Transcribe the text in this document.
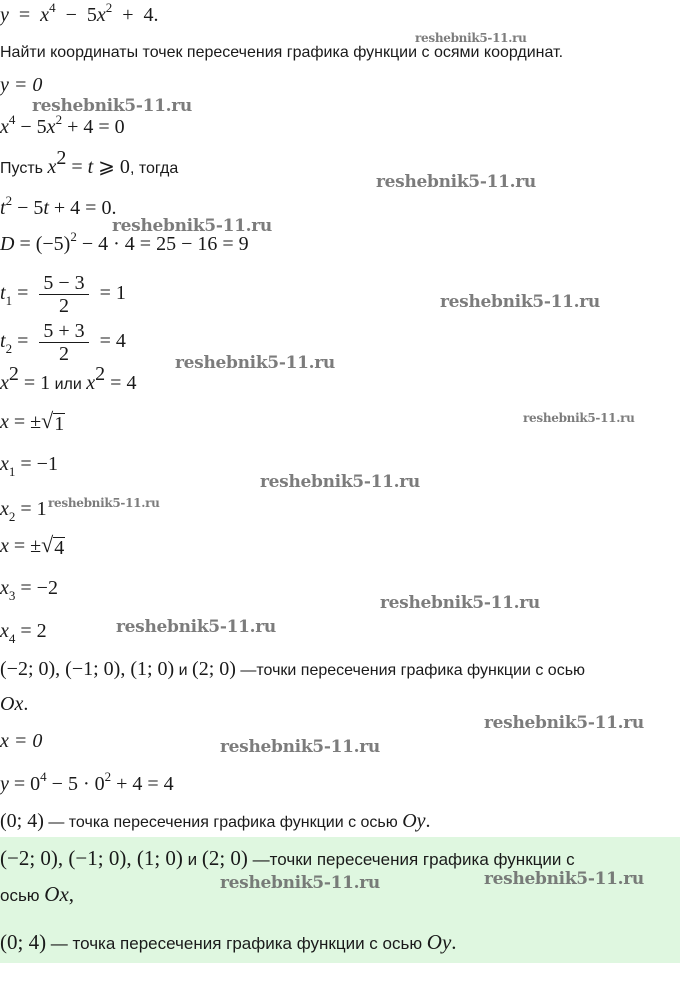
$y = x^4 - 5x^2 + 4$.
Найти координаты точек пересечения графика функции с осями координат.
y = 0
$x^4 - 5x^2 + 4 = 0$
Пусть $x^2 = t$ ⩾ 0, тогда
$t^2 - 5t + 4 = 0$.
$D = (-5)^2 - 4 \cdot 4 = 25 - 16 = 9$
$t_1 = \frac{5 - 3}{2} = 1$
$t_2 = \frac{5 + 3}{2} = 4$
$x^2 = 1$ или $x^2 = 4$
x = ± √ 1
$x_1 = -1$
$x_2 = 1$
x = ± √ 4
$x_3 = -2$
$x_4 = 2$
(−2; 0), (−1; 0), (1; 0) и (2; 0) —точки пересечения графика функции с осью
Ox.
x = 0
$y = 0^4 - 5 \cdot 0^2 + 4 = 4$
(0; 4) — точка пересечения графика функции с осью Oy.
(−2; 0), (−1; 0), (1; 0) и (2; 0) —точки пересечения графика функции с
осью Ox,
(0; 4) — точка пересечения графика функции с осью Oy.
reshebnik5-11.ru
reshebnik5-11.ru
reshebnik5-11.ru
reshebnik5-11.ru
reshebnik5-11.ru
reshebnik5-11.ru
reshebnik5-11.ru
reshebnik5-11.ru
reshebnik5-11.ru
reshebnik5-11.ru
reshebnik5-11.ru
reshebnik5-11.ru
reshebnik5-11.ru
reshebnik5-11.ru	reshebnik5-11.ru
